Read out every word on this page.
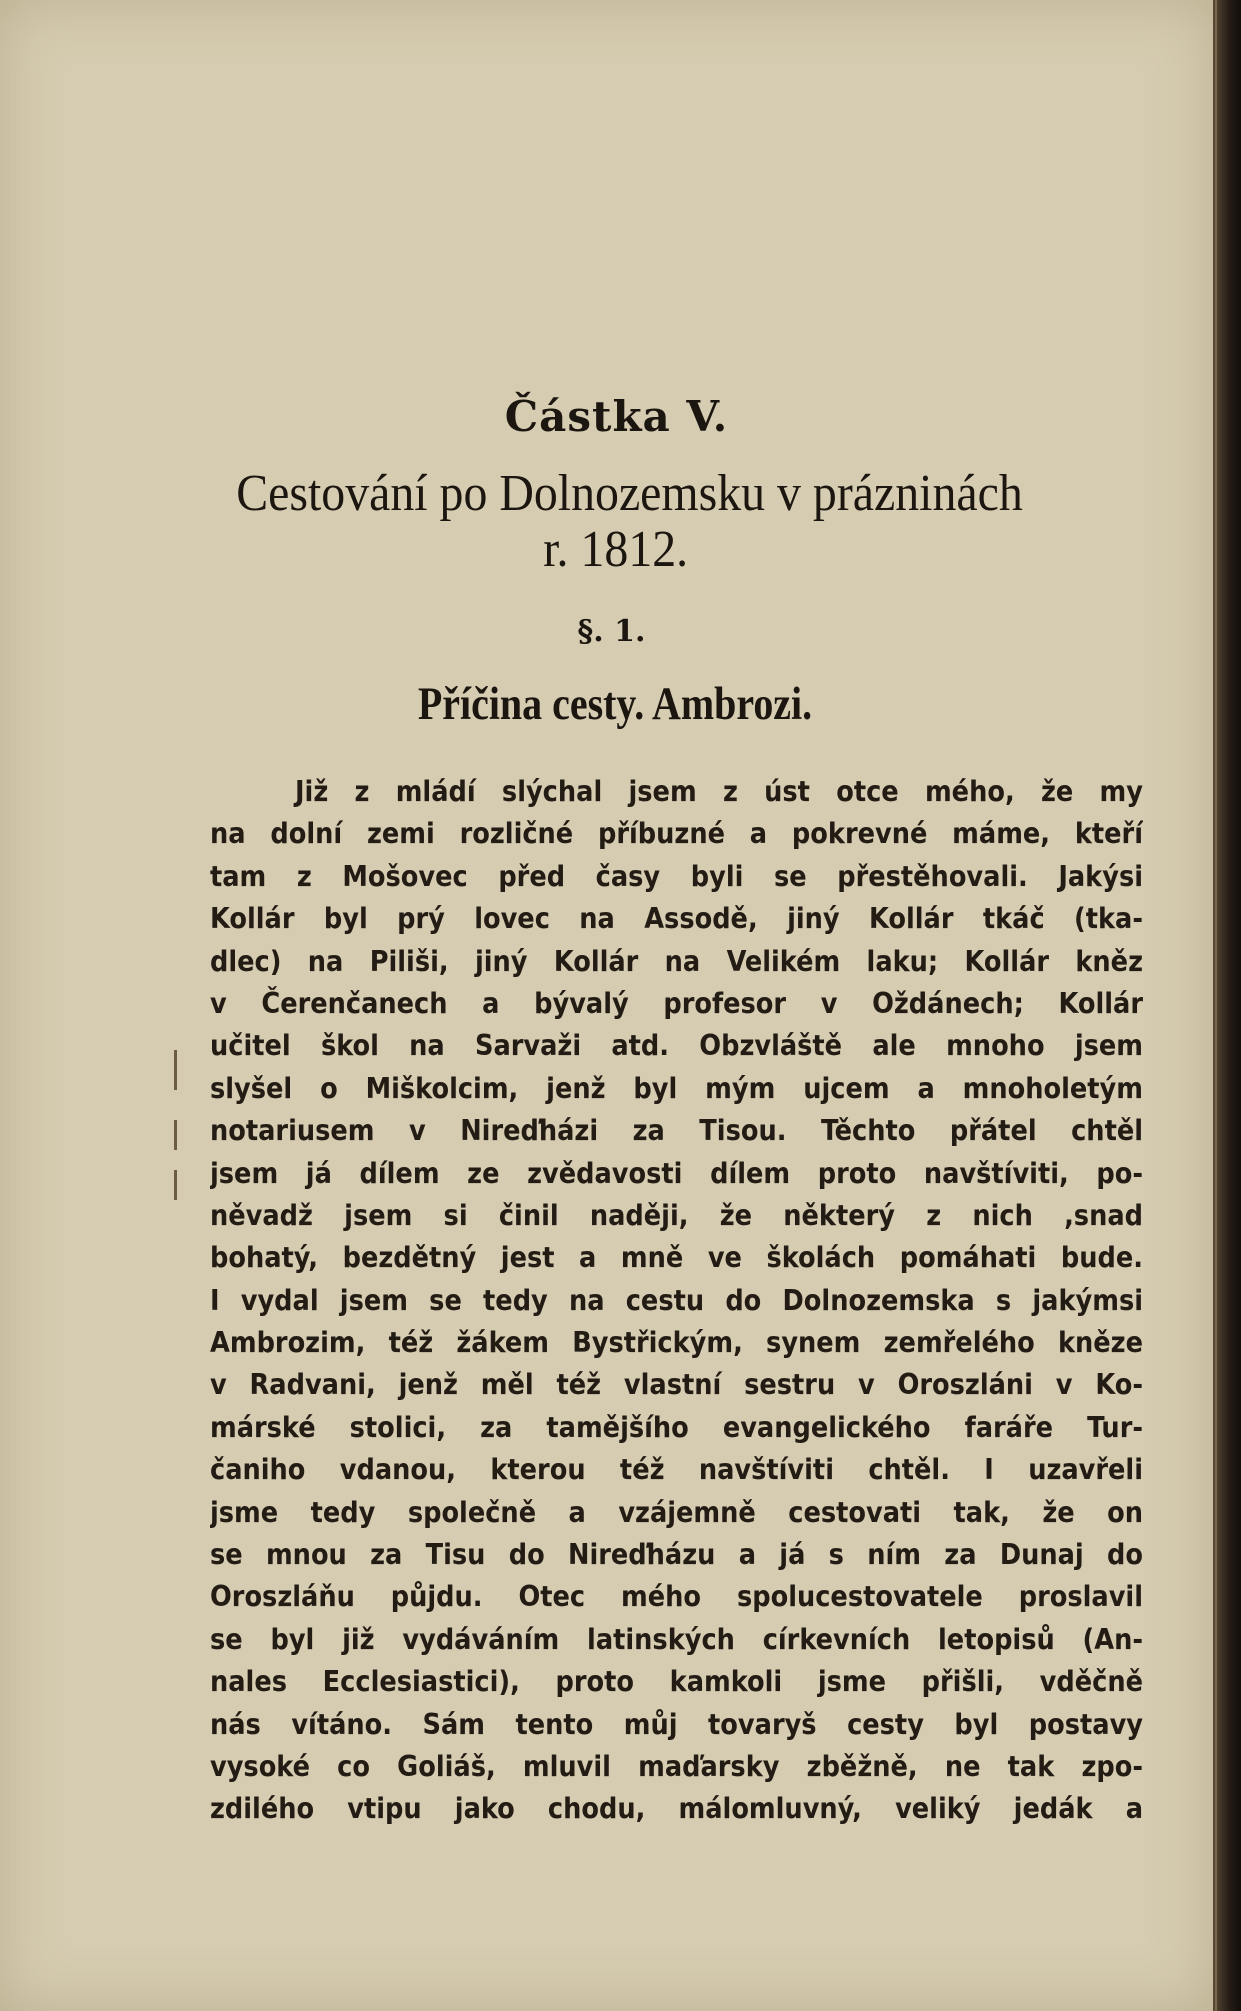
Částka V.
Cestování po Dolnozemsku v prázninách
r. 1812.
§. 1.
Příčina cesty. Ambrozi.
Již z mládí slýchal jsem z úst otce mého, že my
na dolní zemi rozličné příbuzné a pokrevné máme, kteří
tam z Mošovec před časy byli se přestěhovali. Jakýsi
Kollár byl prý lovec na Assodě, jiný Kollár tkáč (tka-
dlec) na Piliši, jiný Kollár na Velikém laku; Kollár kněz
v Čerenčanech a bývalý profesor v Oždánech; Kollár
učitel škol na Sarvaži atd. Obzvláště ale mnoho jsem
slyšel o Miškolcim, jenž byl mým ujcem a mnoholetým
notariusem v Nireďházi za Tisou. Těchto přátel chtěl
jsem já dílem ze zvědavosti dílem proto navštíviti, po-
něvadž jsem si činil naději, že některý z nich ,snad
bohatý, bezdětný jest a mně ve školách pomáhati bude.
I vydal jsem se tedy na cestu do Dolnozemska s jakýmsi
Ambrozim, též žákem Bystřickým, synem zemřelého kněze
v Radvani, jenž měl též vlastní sestru v Oroszláni v Ko-
márské stolici, za tamějšího evangelického faráře Tur-
čaniho vdanou, kterou též navštíviti chtěl. I uzavřeli
jsme tedy společně a vzájemně cestovati tak, že on
se mnou za Tisu do Nireďházu a já s ním za Dunaj do
Oroszláňu půjdu. Otec mého spolucestovatele proslavil
se byl již vydáváním latinských církevních letopisů (An-
nales Ecclesiastici), proto kamkoli jsme přišli, vděčně
nás vítáno. Sám tento můj tovaryš cesty byl postavy
vysoké co Goliáš, mluvil maďarsky zběžně, ne tak zpo-
zdilého vtipu jako chodu, málomluvný, veliký jedák a
